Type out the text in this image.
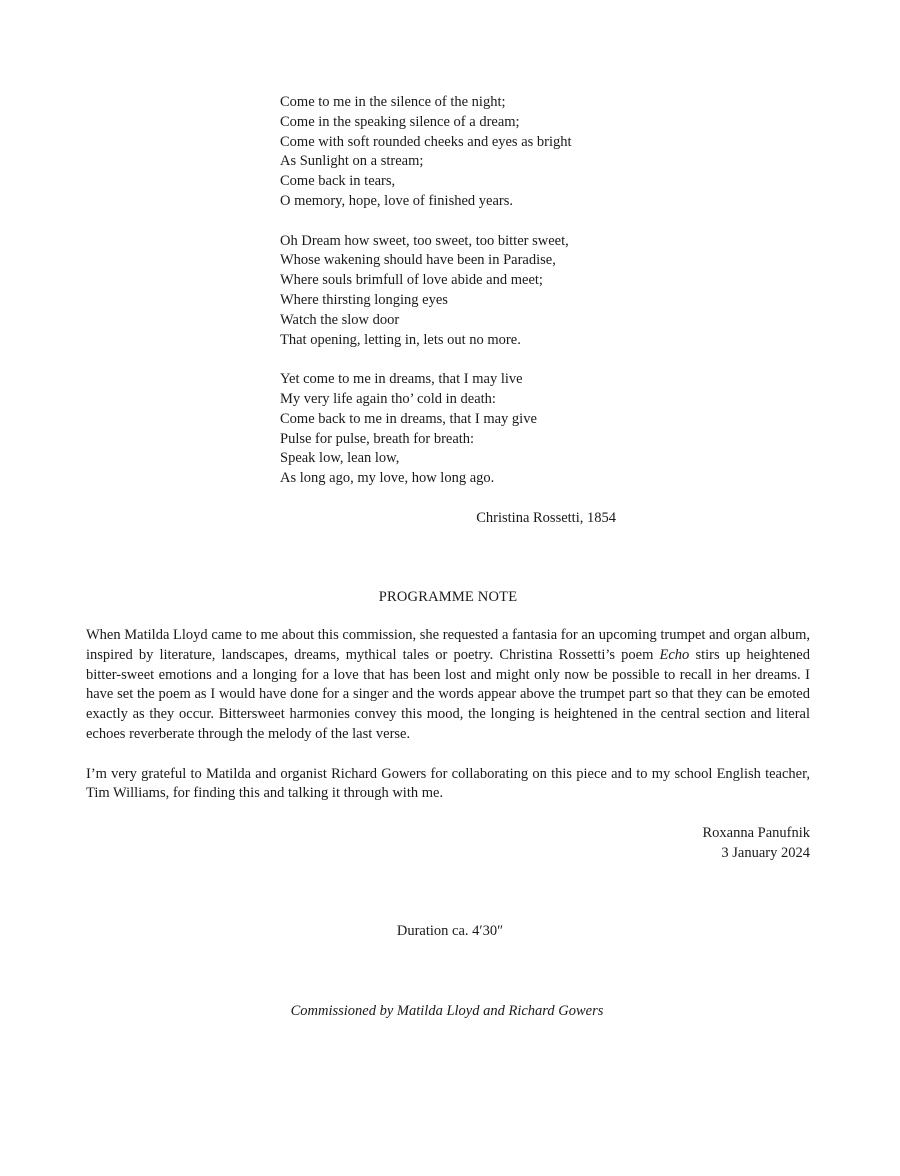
Come to me in the silence of the night;
Come in the speaking silence of a dream;
Come with soft rounded cheeks and eyes as bright
As Sunlight on a stream;
Come back in tears,
O memory, hope, love of finished years.
Oh Dream how sweet, too sweet, too bitter sweet,
Whose wakening should have been in Paradise,
Where souls brimfull of love abide and meet;
Where thirsting longing eyes
Watch the slow door
That opening, letting in, lets out no more.
Yet come to me in dreams, that I may live
My very life again tho’ cold in death:
Come back to me in dreams, that I may give
Pulse for pulse, breath for breath:
Speak low, lean low,
As long ago, my love, how long ago.
Christina Rossetti, 1854
PROGRAMME NOTE

When Matilda Lloyd came to me about this commission, she requested a fantasia for an upcoming trumpet and organ album, inspired by literature, landscapes, dreams, mythical tales or poetry. Christina Rossetti’s poem Echo stirs up heightened bitter-sweet emotions and a longing for a love that has been lost and might only now be possible to recall in her dreams. I have set the poem as I would have done for a singer and the words appear above the trumpet part so that they can be emoted exactly as they occur. Bittersweet harmonies convey this mood, the longing is heightened in the central section and literal echoes reverberate through the melody of the last verse.

I’m very grateful to Matilda and organist Richard Gowers for collaborating on this piece and to my school English teacher, Tim Williams, for finding this and talking it through with me.

Roxanna Panufnik
3 January 2024
Duration ca. 4′30″
Commissioned by Matilda Lloyd and Richard Gowers
